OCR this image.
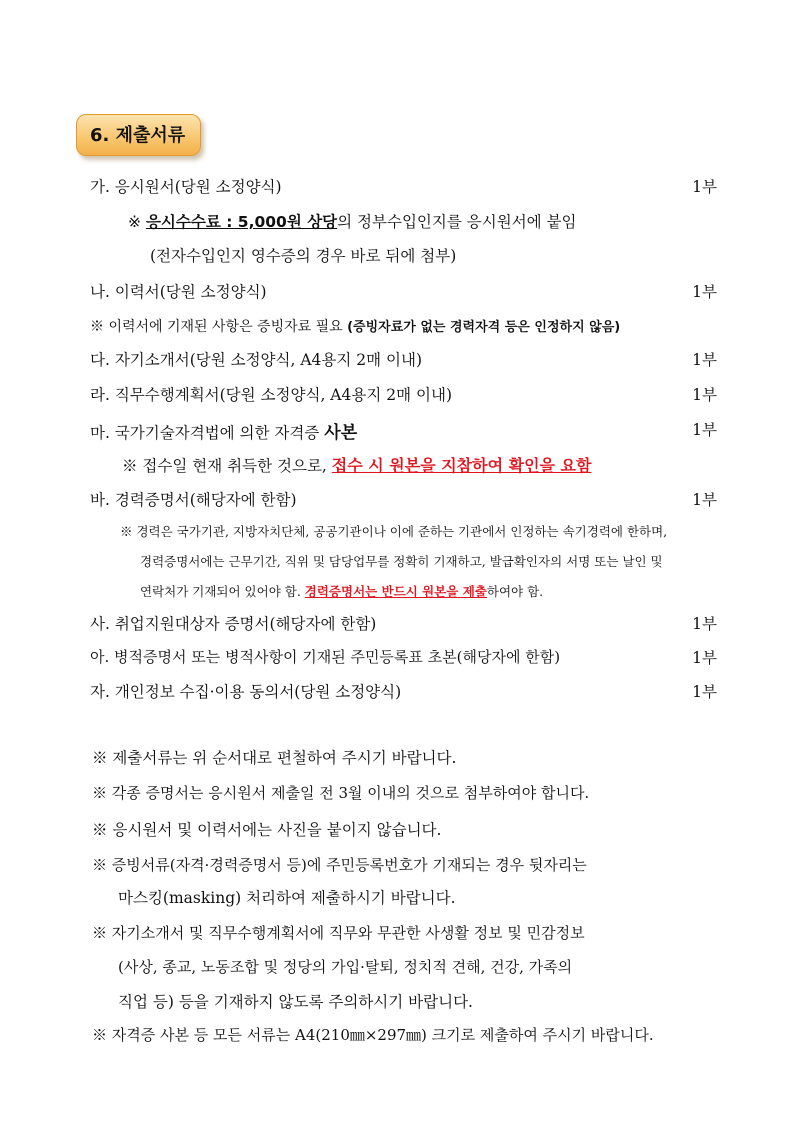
6. 제출서류
가. 응시원서(당원 소정양식)	1부
※ 응시수수료 : 5,000원 상당의 정부수입인지를 응시원서에 붙임
(전자수입인지 영수증의 경우 바로 뒤에 첨부)
나. 이력서(당원 소정양식)	1부
※ 이력서에 기재된 사항은 증빙자료 필요 (증빙자료가 없는 경력자격 등은 인정하지 않음)
다. 자기소개서(당원 소정양식, A4용지 2매 이내)	1부
라. 직무수행계획서(당원 소정양식, A4용지 2매 이내)	1부
마. 국가기술자격법에 의한 자격증 사본	1부
※ 접수일 현재 취득한 것으로, 접수 시 원본을 지참하여 확인을 요함
바. 경력증명서(해당자에 한함)	1부
※ 경력은 국가기관, 지방자치단체, 공공기관이나 이에 준하는 기관에서 인정하는 속기경력에 한하며,
경력증명서에는 근무기간, 직위 및 담당업무를 정확히 기재하고, 발급확인자의 서명 또는 날인 및
연락처가 기재되어 있어야 함. 경력증명서는 반드시 원본을 제출하여야 함.
사. 취업지원대상자 증명서(해당자에 한함)	1부
아. 병적증명서 또는 병적사항이 기재된 주민등록표 초본(해당자에 한함)	1부
자. 개인정보 수집·이용 동의서(당원 소정양식)	1부
※ 제출서류는 위 순서대로 편철하여 주시기 바랍니다.
※ 각종 증명서는 응시원서 제출일 전 3월 이내의 것으로 첨부하여야 합니다.
※ 응시원서 및 이력서에는 사진을 붙이지 않습니다.
※ 증빙서류(자격·경력증명서 등)에 주민등록번호가 기재되는 경우 뒷자리는
마스킹(masking) 처리하여 제출하시기 바랍니다.
※ 자기소개서 및 직무수행계획서에 직무와 무관한 사생활 정보 및 민감정보
(사상, 종교, 노동조합 및 정당의 가입·탈퇴, 정치적 견해, 건강, 가족의
직업 등) 등을 기재하지 않도록 주의하시기 바랍니다.
※ 자격증 사본 등 모든 서류는 A4(210㎜×297㎜) 크기로 제출하여 주시기 바랍니다.
